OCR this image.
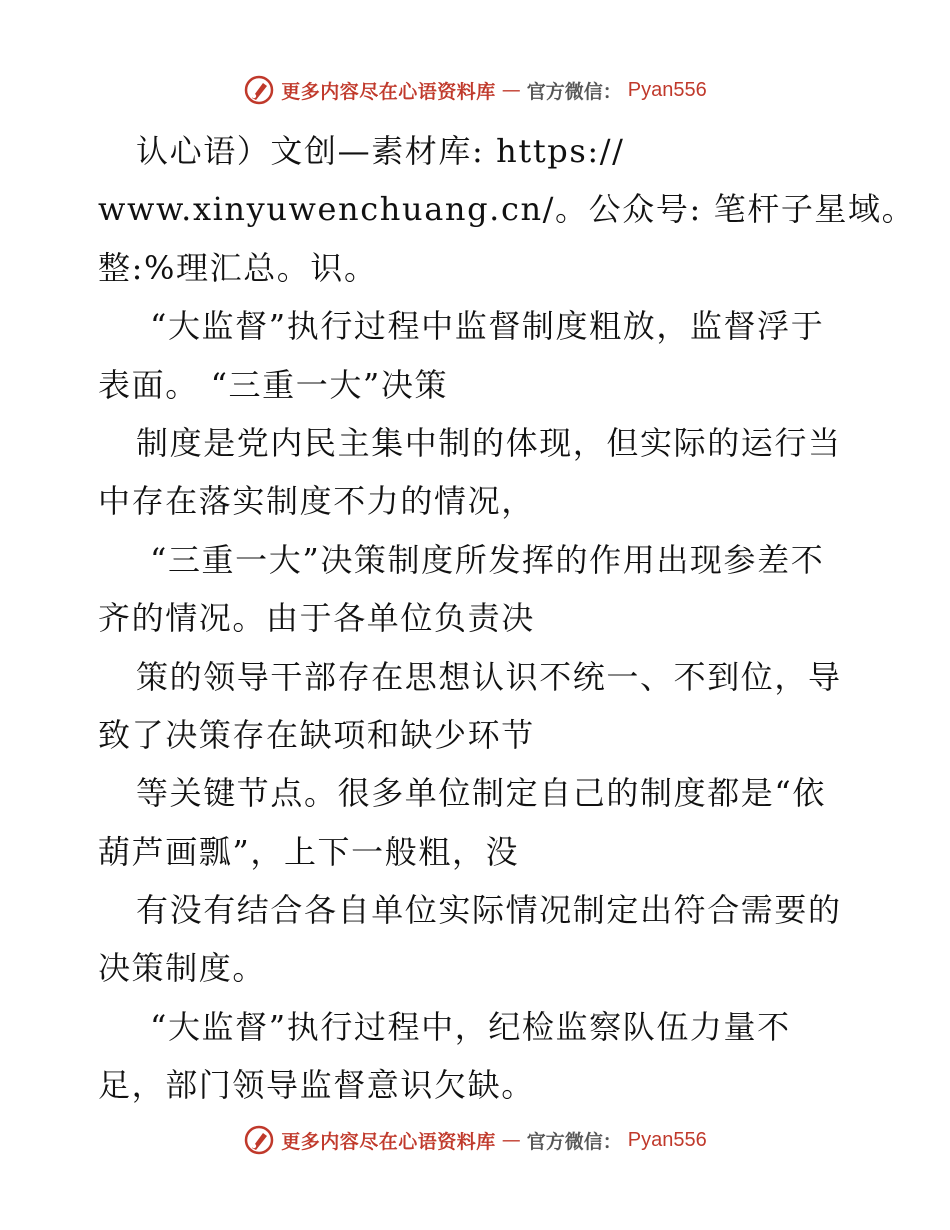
更多内容尽在心语资料库 — 官方微信： Pyan556
认心语）文创—素材库: https://
www.xinyuwenchuang.cn/。公众号: 笔杆子星域。
整:%理汇总。识。
“大监督”执行过程中监督制度粗放，监督浮于
表面。 “三重一大”决策
制度是党内民主集中制的体现，但实际的运行当
中存在落实制度不力的情况，
“三重一大”决策制度所发挥的作用出现参差不
齐的情况。由于各单位负责决
策的领导干部存在思想认识不统一、不到位，导
致了决策存在缺项和缺少环节
等关键节点。很多单位制定自己的制度都是“依
葫芦画瓢”，上下一般粗，没
有没有结合各自单位实际情况制定出符合需要的
决策制度。
“大监督”执行过程中，纪检监察队伍力量不
足，部门领导监督意识欠缺。
更多内容尽在心语资料库 — 官方微信： Pyan556
